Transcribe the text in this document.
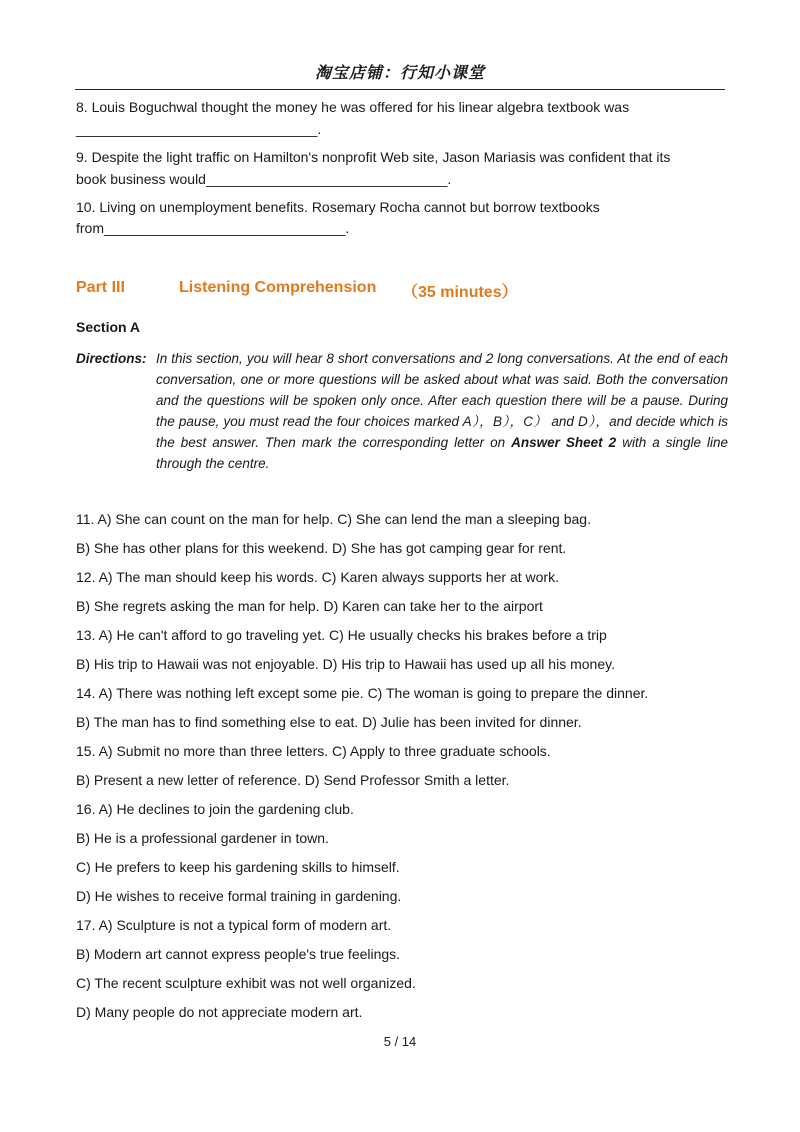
淘宝店铺：行知小课堂
8. Louis Boguchwal thought the money he was offered for his linear algebra textbook was
_______________________________.
9. Despite the light traffic on Hamilton's nonprofit Web site, Jason Mariasis was confident that its
book business would_______________________________.
10. Living on unemployment benefits. Rosemary Rocha cannot but borrow textbooks
from_______________________________.
Part III	Listening Comprehension （35 minutes）
Section A
Directions: In this section, you will hear 8 short conversations and 2 long conversations. At the end of each conversation, one or more questions will be asked about what was said. Both the conversation and the questions will be spoken only once. After each question there will be a pause. During the pause, you must read the four choices marked A），B），C） and D），and decide which is the best answer. Then mark the corresponding letter on Answer Sheet 2 with a single line through the centre.
11. A) She can count on the man for help. C) She can lend the man a sleeping bag.
B) She has other plans for this weekend. D) She has got camping gear for rent.
12. A) The man should keep his words. C) Karen always supports her at work.
B) She regrets asking the man for help. D) Karen can take her to the airport
13. A) He can't afford to go traveling yet. C) He usually checks his brakes before a trip
B) His trip to Hawaii was not enjoyable. D) His trip to Hawaii has used up all his money.
14. A) There was nothing left except some pie. C) The woman is going to prepare the dinner.
B) The man has to find something else to eat. D) Julie has been invited for dinner.
15. A) Submit no more than three letters. C) Apply to three graduate schools.
B) Present a new letter of reference. D) Send Professor Smith a letter.
16. A) He declines to join the gardening club.
B) He is a professional gardener in town.
C) He prefers to keep his gardening skills to himself.
D) He wishes to receive formal training in gardening.
17. A) Sculpture is not a typical form of modern art.
B) Modern art cannot express people's true feelings.
C) The recent sculpture exhibit was not well organized.
D) Many people do not appreciate modern art.
5 / 14
